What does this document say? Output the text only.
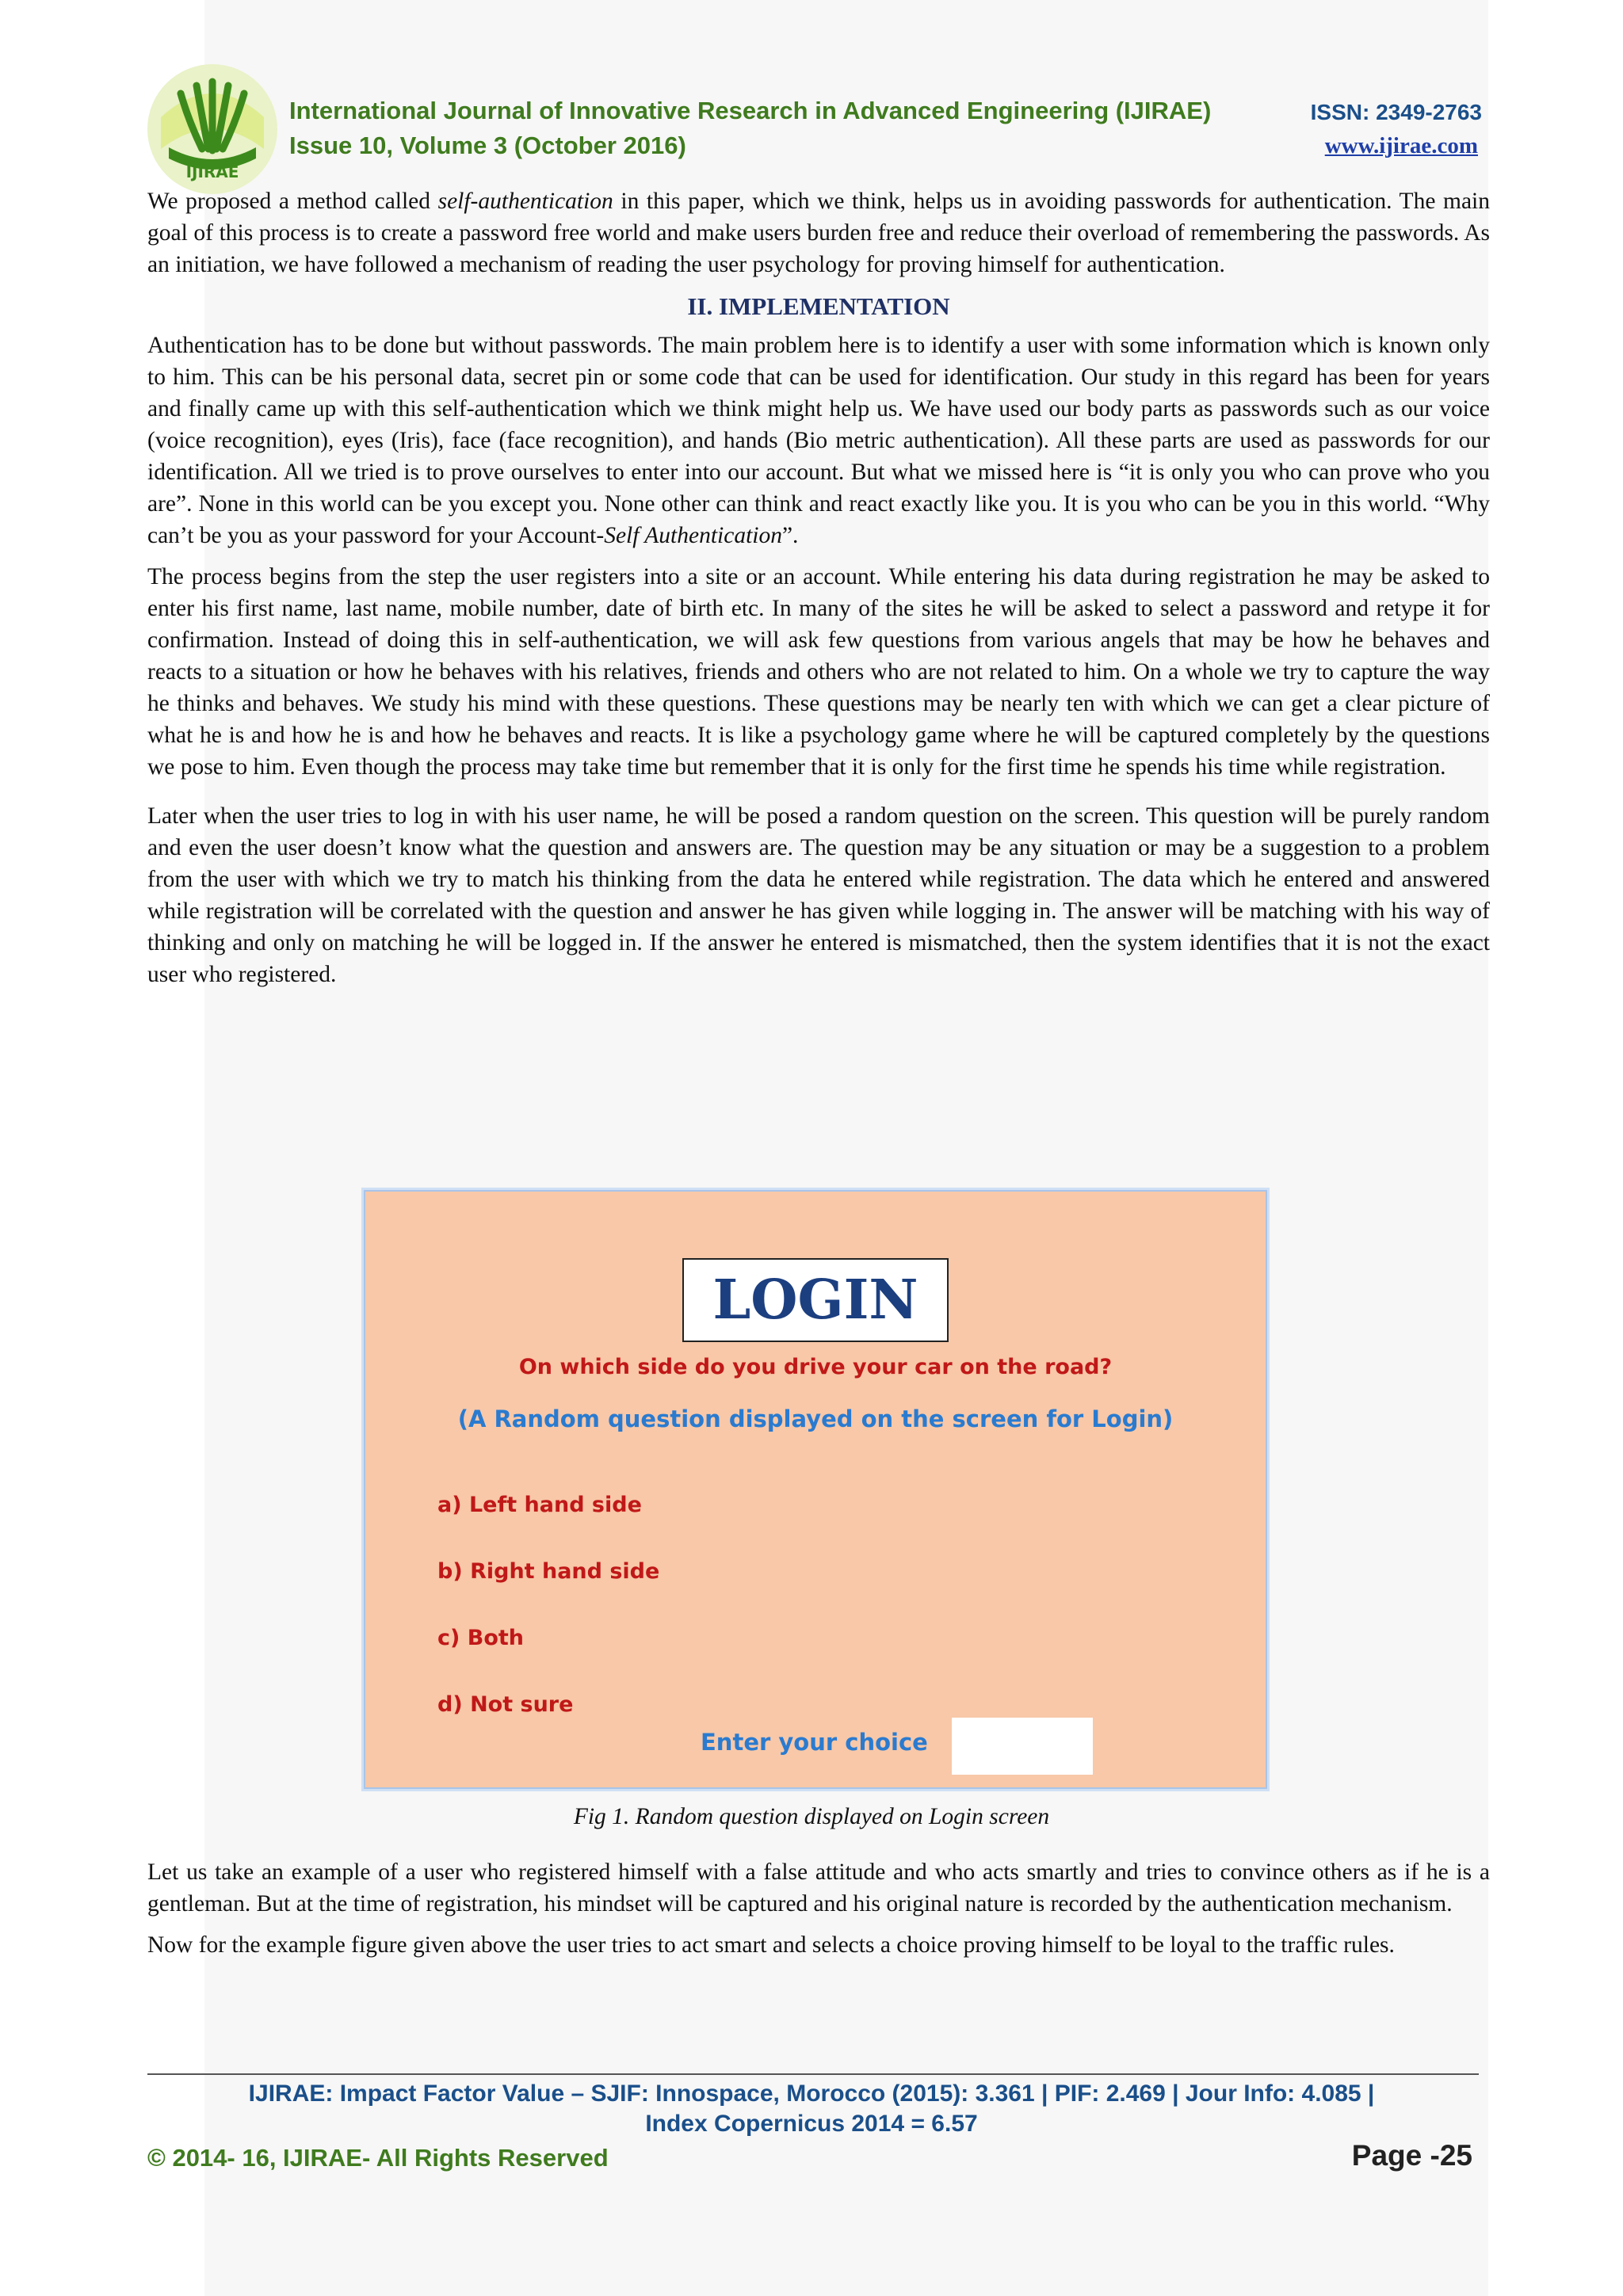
IJIRAE
International Journal of Innovative Research in Advanced Engineering (IJIRAE)
Issue 10, Volume 3 (October 2016)
ISSN: 2349-2763
www.ijirae.com

We proposed a method called self-authentication in this paper, which we think, helps us in avoiding passwords for authentication. The main goal of this process is to create a password free world and make users burden free and reduce their overload of remembering the passwords. As an initiation, we have followed a mechanism of reading the user psychology for proving himself for authentication.

II. IMPLEMENTATION

Authentication has to be done but without passwords. The main problem here is to identify a user with some information which is known only to him. This can be his personal data, secret pin or some code that can be used for identification. Our study in this regard has been for years and finally came up with this self-authentication which we think might help us. We have used our body parts as passwords such as our voice (voice recognition), eyes (Iris), face (face recognition), and hands (Bio metric authentication). All these parts are used as passwords for our identification. All we tried is to prove ourselves to enter into our account. But what we missed here is “it is only you who can prove who you are”. None in this world can be you except you. None other can think and react exactly like you. It is you who can be you in this world. “Why can’t be you as your password for your Account-Self Authentication”.

The process begins from the step the user registers into a site or an account. While entering his data during registration he may be asked to enter his first name, last name, mobile number, date of birth etc. In many of the sites he will be asked to select a password and retype it for confirmation. Instead of doing this in self-authentication, we will ask few questions from various angels that may be how he behaves and reacts to a situation or how he behaves with his relatives, friends and others who are not related to him. On a whole we try to capture the way he thinks and behaves. We study his mind with these questions. These questions may be nearly ten with which we can get a clear picture of what he is and how he is and how he behaves and reacts. It is like a psychology game where he will be captured completely by the questions we pose to him. Even though the process may take time but remember that it is only for the first time he spends his time while registration.

Later when the user tries to log in with his user name, he will be posed a random question on the screen. This question will be purely random and even the user doesn’t know what the question and answers are. The question may be any situation or may be a suggestion to a problem from the user with which we try to match his thinking from the data he entered while registration. The data which he entered and answered while registration will be correlated with the question and answer he has given while logging in. The answer will be matching with his way of thinking and only on matching he will be logged in. If the answer he entered is mismatched, then the system identifies that it is not the exact user who registered.

LOGIN
On which side do you drive your car on the road?
(A Random question displayed on the screen for Login)
a) Left hand side
b) Right hand side
c) Both
d) Not sure
Enter your choice
Fig 1. Random question displayed on Login screen

Let us take an example of a user who registered himself with a false attitude and who acts smartly and tries to convince others as if he is a gentleman. But at the time of registration, his mindset will be captured and his original nature is recorded by the authentication mechanism.

Now for the example figure given above the user tries to act smart and selects a choice proving himself to be loyal to the traffic rules.

IJIRAE: Impact Factor Value – SJIF: Innospace, Morocco (2015): 3.361 | PIF: 2.469 | Jour Info: 4.085 |
Index Copernicus 2014 = 6.57
© 2014- 16, IJIRAE- All Rights Reserved	Page -25
